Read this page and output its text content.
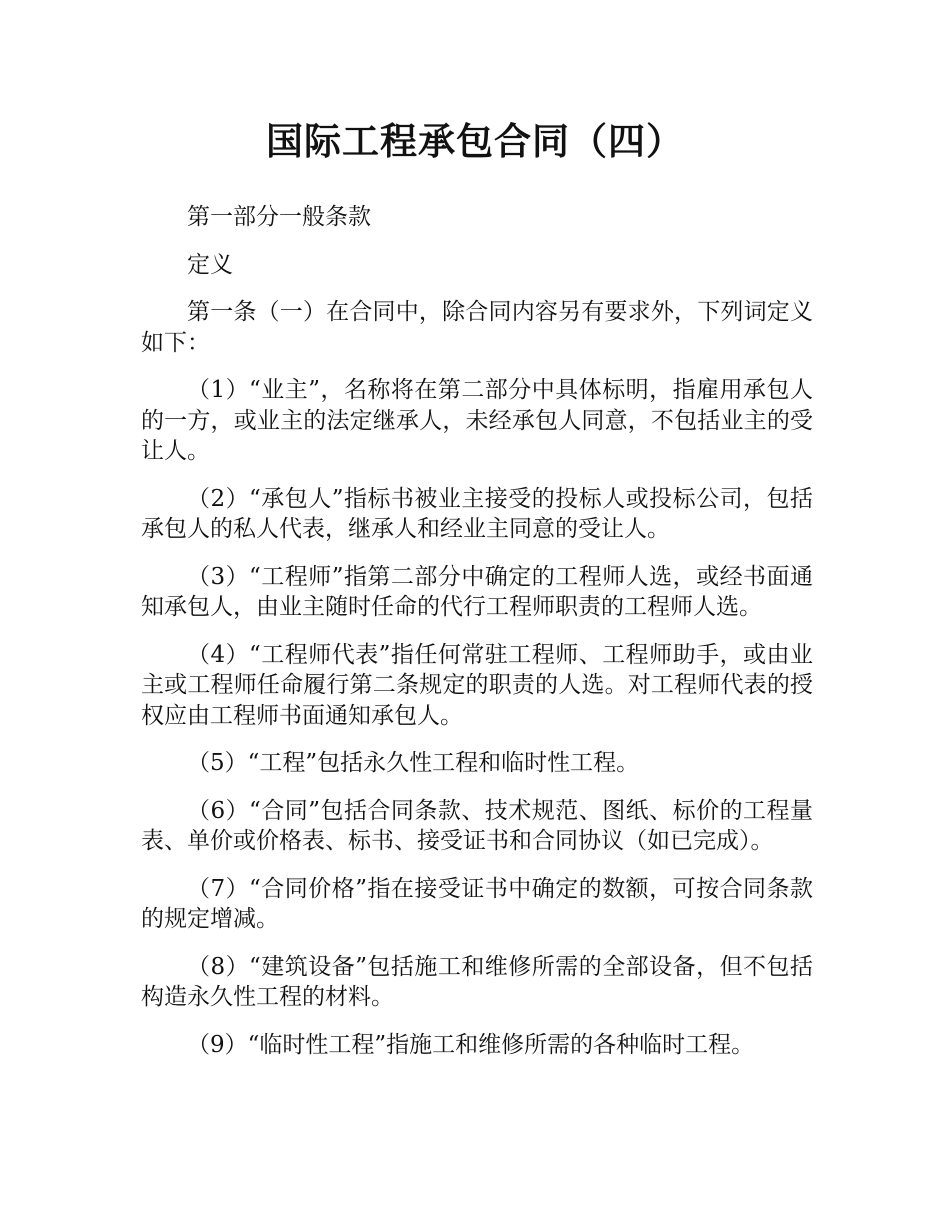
国际工程承包合同（四）

第一部分一般条款

定义

第一条（一）在合同中，除合同内容另有要求外，下列词定义如下：

（1）“业主”，名称将在第二部分中具体标明，指雇用承包人的一方，或业主的法定继承人，未经承包人同意，不包括业主的受让人。

（2）“承包人”指标书被业主接受的投标人或投标公司，包括承包人的私人代表，继承人和经业主同意的受让人。

（3）“工程师”指第二部分中确定的工程师人选，或经书面通知承包人，由业主随时任命的代行工程师职责的工程师人选。

（4）“工程师代表”指任何常驻工程师、工程师助手，或由业主或工程师任命履行第二条规定的职责的人选。对工程师代表的授权应由工程师书面通知承包人。

（5）“工程”包括永久性工程和临时性工程。

（6）“合同”包括合同条款、技术规范、图纸、标价的工程量表、单价或价格表、标书、接受证书和合同协议（如已完成）。

（7）“合同价格”指在接受证书中确定的数额，可按合同条款的规定增减。

（8）“建筑设备”包括施工和维修所需的全部设备，但不包括构造永久性工程的材料。

（9）“临时性工程”指施工和维修所需的各种临时工程。
